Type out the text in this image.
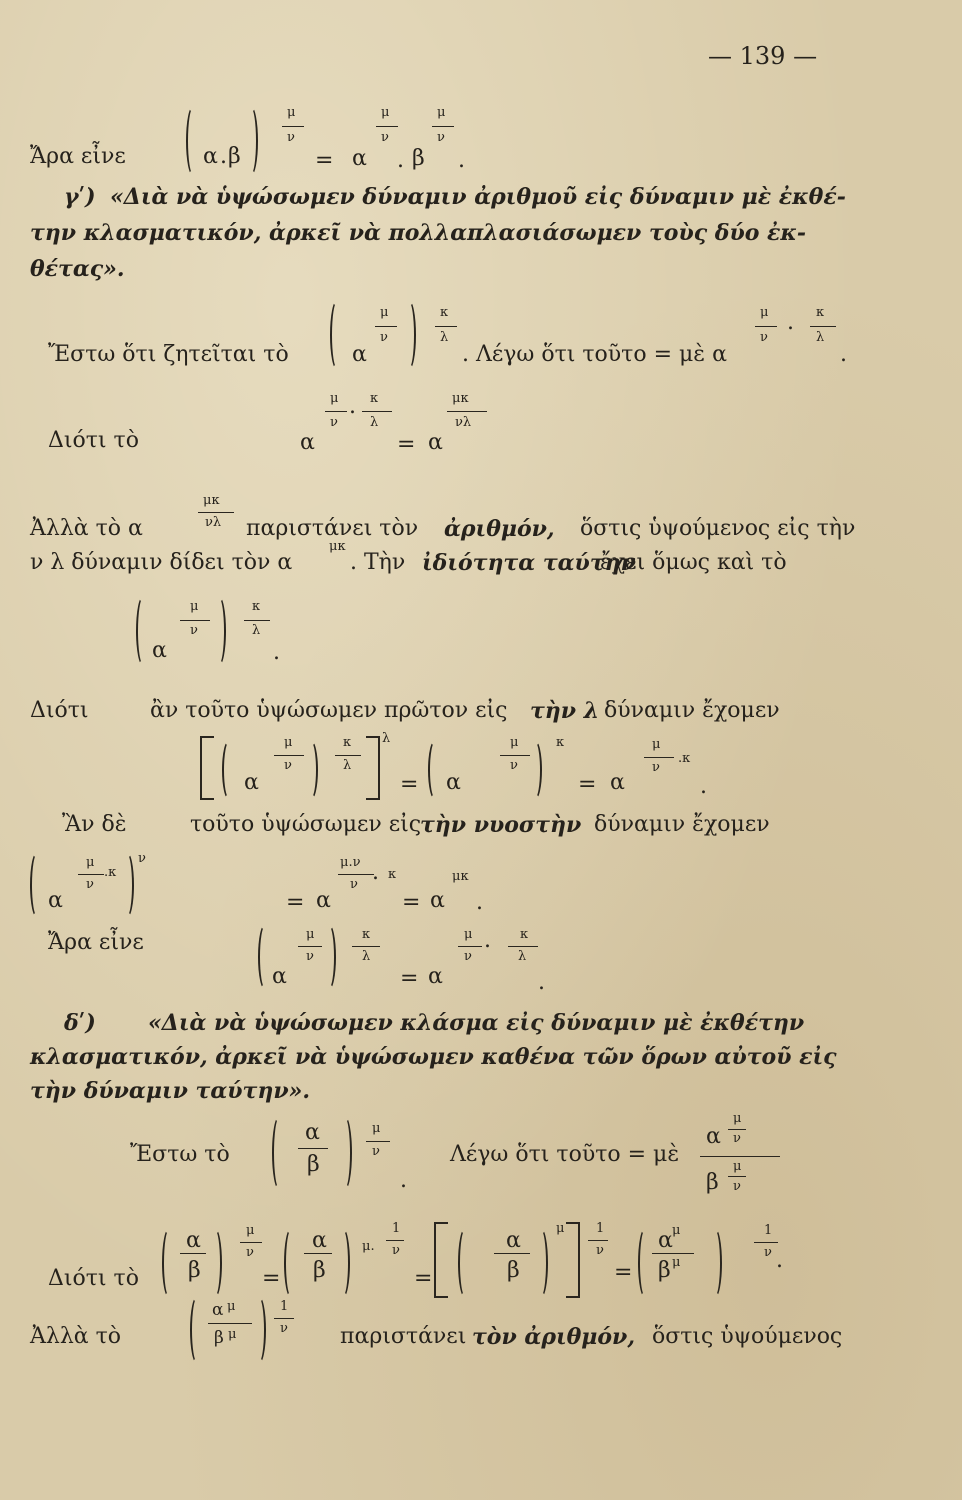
— 139 —
Ἄρα εἶνε	α . β
μ
ν
= α
μ
ν
. β
μ
ν
.
γʹ) «Διὰ νὰ ὑψώσωμεν δύναμιν ἀριθμοῦ εἰς δύναμιν μὲ ἐκθέ-
την κλασματικόν, ἀρκεῖ νὰ πολλαπλασιάσωμεν τοὺς δύο ἐκ-
θέτας».
Ἔστω ὅτι ζητεῖται τὸ	α
μ
ν
κ
λ
. Λέγω ὅτι τοῦτο = μὲ α
μ
ν
. κ
λ
.
Διότι τὸ	α
μ
ν
. κ
λ
= α
μκ
νλ
Ἀλλὰ τὸ α
μκ
νλ παριστάνει τὸν ἀριθμόν, ὅστις ὑψούμενος εἰς τὴν
ν λ δύναμιν δίδει τὸν α
μκ
. Τὴν ἰδιότητα ταύτην
ἔχει ὅμως καὶ τὸ
α
μ
ν
κ
λ
.
Διότι	ἂν τοῦτο ὑψώσωμεν πρῶτον εἰς τὴν λ δύναμιν ἔχομεν
α
μ
ν
κ
λ
λ
= α
μ
ν
κ
= α
μ
ν
.κ
.
Ἂν δὲ	τοῦτο ὑψώσωμεν εἰς
τὴν νυοστὴν δύναμιν ἔχομεν
α
μ
ν
.κ
ν
= α
μ.ν
ν . κ
= α
μκ
.
Ἄρα εἶνε
α
μ
ν
κ
λ
= α
μ
ν
. κ
λ
.
δʹ) «Διὰ νὰ ὑψώσωμεν κλάσμα εἰς δύναμιν μὲ ἐκθέτην
κλασματικόν, ἀρκεῖ νὰ ὑψώσωμεν καθένα τῶν ὅρων αὐτοῦ εἰς
τὴν δύναμιν ταύτην».
Ἔστω τὸ
α
β
μ
ν
.
Λέγω ὅτι τοῦτο = μὲ
α
μ
ν
β
μ
ν
Διότι τὸ
α
β
μ
ν
=
α
β
μ.
1
ν
=
α
β
μ 1
ν
=
α μ
β μ
1
ν .
Ἀλλὰ τὸ
α μ
β μ
1
ν παριστάνει τὸν ἀριθμόν, ὅστις ὑψούμενος
